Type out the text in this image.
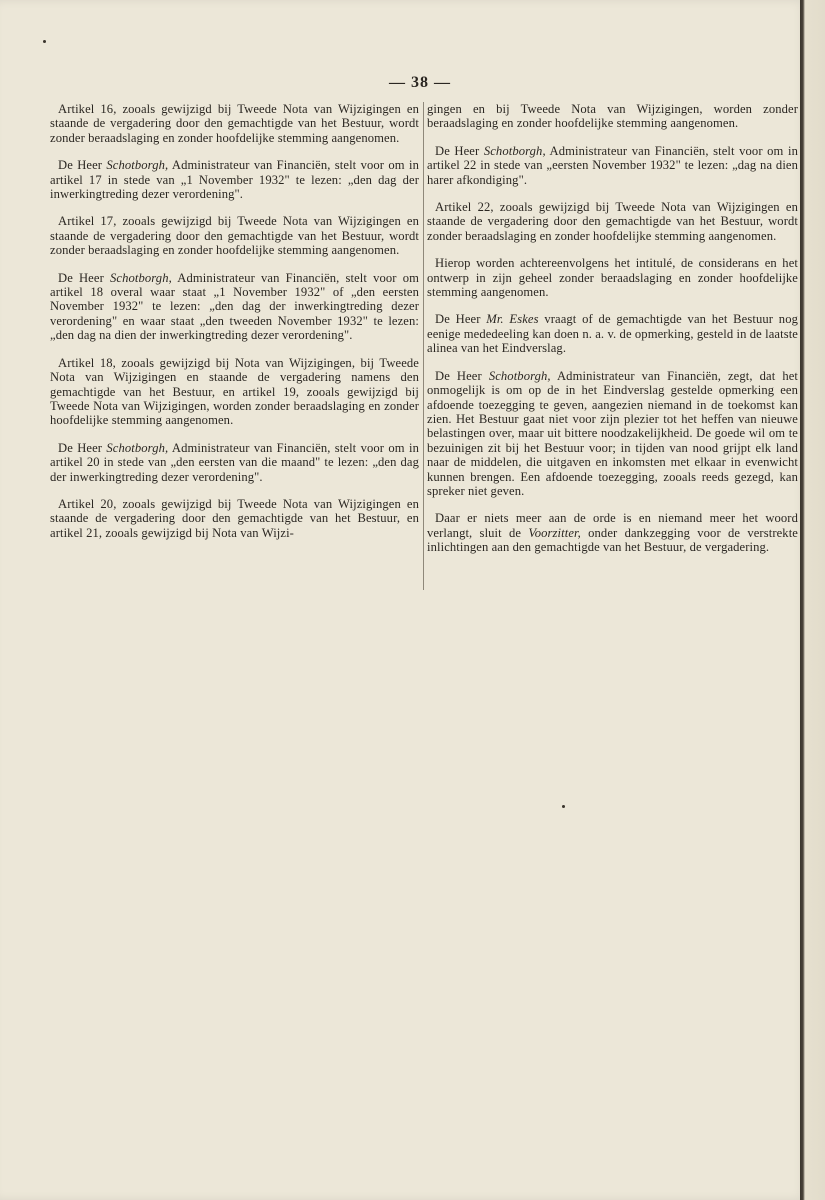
— 38 —

Artikel 16, zooals gewijzigd bij Tweede Nota van Wijzigingen en staande de vergadering door den gemachtigde van het Bestuur, wordt zonder beraadslaging en zonder hoofdelijke stemming aangenomen.

De Heer Schotborgh, Administrateur van Financiën, stelt voor om in artikel 17 in stede van „1 November 1932" te lezen: „den dag der inwerkingtreding dezer verordening".

Artikel 17, zooals gewijzigd bij Tweede Nota van Wijzigingen en staande de vergadering door den gemachtigde van het Bestuur, wordt zonder beraadslaging en zonder hoofdelijke stemming aangenomen.

De Heer Schotborgh, Administrateur van Financiën, stelt voor om artikel 18 overal waar staat „1 November 1932" of „den eersten November 1932" te lezen: „den dag der inwerkingtreding dezer verordening" en waar staat „den tweeden November 1932" te lezen: „den dag na dien der inwerkingtreding dezer verordening".

Artikel 18, zooals gewijzigd bij Nota van Wijzigingen, bij Tweede Nota van Wijzigingen en staande de vergadering namens den gemachtigde van het Bestuur, en artikel 19, zooals gewijzigd bij Tweede Nota van Wijzigingen, worden zonder beraadslaging en zonder hoofdelijke stemming aangenomen.

De Heer Schotborgh, Administrateur van Financiën, stelt voor om in artikel 20 in stede van „den eersten van die maand" te lezen: „den dag der inwerkingtreding dezer verordening".

Artikel 20, zooals gewijzigd bij Tweede Nota van Wijzigingen en staande de vergadering door den gemachtigde van het Bestuur, en artikel 21, zooals gewijzigd bij Nota van Wijzi-

gingen en bij Tweede Nota van Wijzigingen, worden zonder beraadslaging en zonder hoofdelijke stemming aangenomen.

De Heer Schotborgh, Administrateur van Financiën, stelt voor om in artikel 22 in stede van „eersten November 1932" te lezen: „dag na dien harer afkondiging".

Artikel 22, zooals gewijzigd bij Tweede Nota van Wijzigingen en staande de vergadering door den gemachtigde van het Bestuur, wordt zonder beraadslaging en zonder hoofdelijke stemming aangenomen.

Hierop worden achtereenvolgens het intitulé, de considerans en het ontwerp in zijn geheel zonder beraadslaging en zonder hoofdelijke stemming aangenomen.

De Heer Mr. Eskes vraagt of de gemachtigde van het Bestuur nog eenige mededeeling kan doen n. a. v. de opmerking, gesteld in de laatste alinea van het Eindverslag.

De Heer Schotborgh, Administrateur van Financiën, zegt, dat het onmogelijk is om op de in het Eindverslag gestelde opmerking een afdoende toezegging te geven, aangezien niemand in de toekomst kan zien. Het Bestuur gaat niet voor zijn plezier tot het heffen van nieuwe belastingen over, maar uit bittere noodzakelijkheid. De goede wil om te bezuinigen zit bij het Bestuur voor; in tijden van nood grijpt elk land naar de middelen, die uitgaven en inkomsten met elkaar in evenwicht kunnen brengen. Een afdoende toezegging, zooals reeds gezegd, kan spreker niet geven.

Daar er niets meer aan de orde is en niemand meer het woord verlangt, sluit de Voorzitter, onder dankzegging voor de verstrekte inlichtingen aan den gemachtigde van het Bestuur, de vergadering.
